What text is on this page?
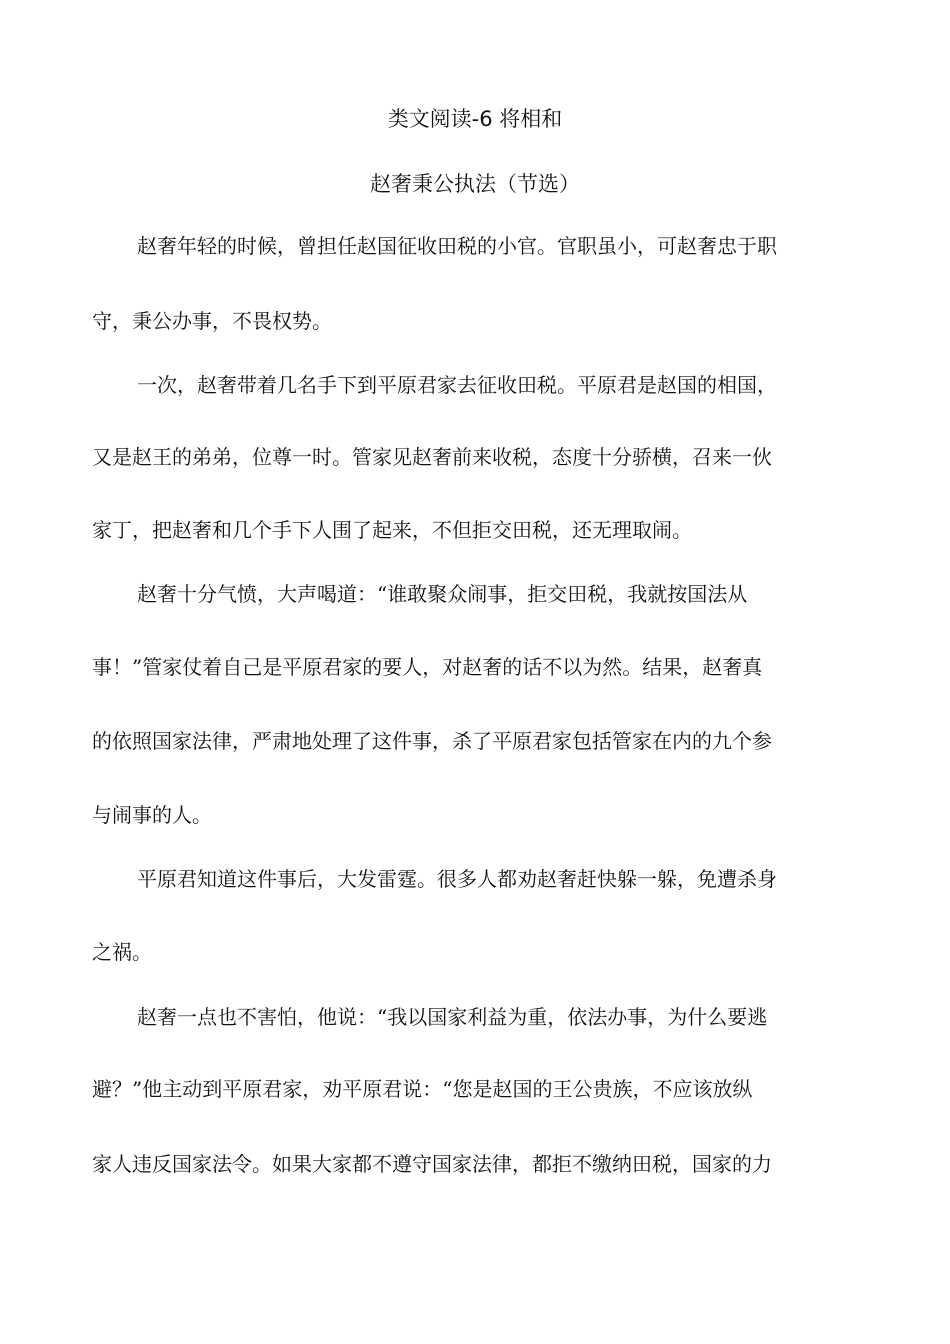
类文阅读-6 将相和
赵奢秉公执法（节选）
赵奢年轻的时候，曾担任赵国征收田税的小官。官职虽小，可赵奢忠于职
守，秉公办事，不畏权势。
一次，赵奢带着几名手下到平原君家去征收田税。平原君是赵国的相国，
又是赵王的弟弟，位尊一时。管家见赵奢前来收税，态度十分骄横，召来一伙
家丁，把赵奢和几个手下人围了起来，不但拒交田税，还无理取闹。
赵奢十分气愤，大声喝道：“谁敢聚众闹事，拒交田税，我就按国法从
事！”管家仗着自己是平原君家的要人，对赵奢的话不以为然。结果，赵奢真
的依照国家法律，严肃地处理了这件事，杀了平原君家包括管家在内的九个参
与闹事的人。
平原君知道这件事后，大发雷霆。很多人都劝赵奢赶快躲一躲，免遭杀身
之祸。
赵奢一点也不害怕，他说：“我以国家利益为重，依法办事，为什么要逃
避？”他主动到平原君家，劝平原君说：“您是赵国的王公贵族，不应该放纵
家人违反国家法令。如果大家都不遵守国家法律，都拒不缴纳田税，国家的力
